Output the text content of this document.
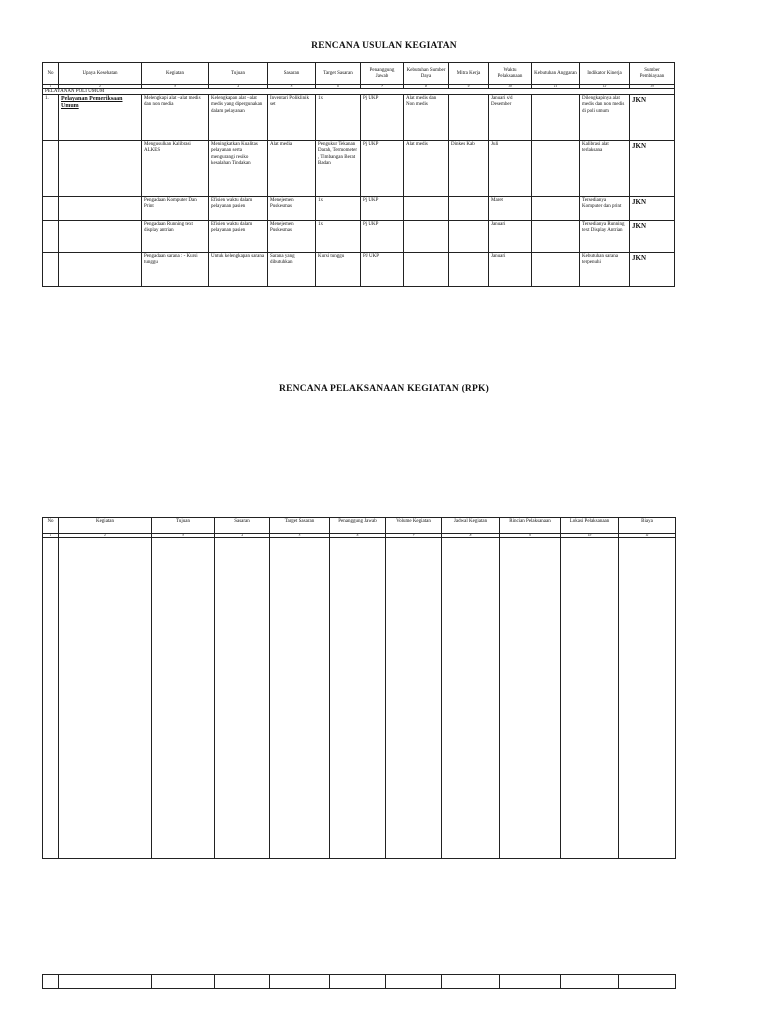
RENCANA USULAN KEGIATAN
No	Upaya Kesehatan	Kegiatan	Tujuan	Sasaran	Target Sasaran	Penanggung Jawab	Kebutuhan Sumber Daya	Mitra Kerja	Waktu Pelaksanaan	Kebutuhan Anggaran	Indikator Kinerja	Sumber Pembiayaan
1	2	3	4	5	6	7	8	9	10	11	12	13
PELAYANAN POLI UMUM												
1.	Pelayanan Pemeriksaan Umum	Melengkapi alat –alat medis dan non media	Kelengkapan alat –alat medis yang dipergunakan dalam pelayanan	Inventari Poliklinik set	1x	Pj UKP	Alat medis dan Non medis		Januari s/d Desember		Dilengkapinya alat medis dan non medis di poli umum	JKN
		Mengusulkan Kalibrasi ALKES	Meningkatkan Kualitas pelayanan serta mengurangi resiko kesalahan Tindakan	Alat media	Pengukur Tekanan Darah, Termometer , Timbangan Berat Badan	Pj UKP	Alat medis	Dinkes Kab	Juli		Kalibrasi alat terlaksana	JKN
		Pengadaan Komputer Dan Print	Efisien waktu dalam pelayanan pasien	Menejemen Puskesmas	1x	Pj UKP			Maret		Tersedianya Komputer dan print	JKN
		Pengadaan Running text display antrian	Efisien waktu dalam pelayanan pasien	Menejemen Puskesmas	1x	Pj UKP			Januari		Tersedianya Running text Display Antrian	JKN
		Pengadaan sarana : - Kursi tunggu	Untuk kelengkapan sarana	Sarana yang dibutuhkan	Kursi tunggu	PJ UKP			Januari		Kebutuhan sarana terpenuhi	JKN
RENCANA PELAKSANAAN KEGIATAN (RPK)
No	Kegiatan	Tujuan	Sasaran	Target Sasaran	Penanggung Jawab	Volume Kegiatan	Jadwal Kegiatan	Rincian Pelaksanaan	Lokasi Pelaksanaan	Biaya
1	2	3	4	5	6	7	8	9	10	11
